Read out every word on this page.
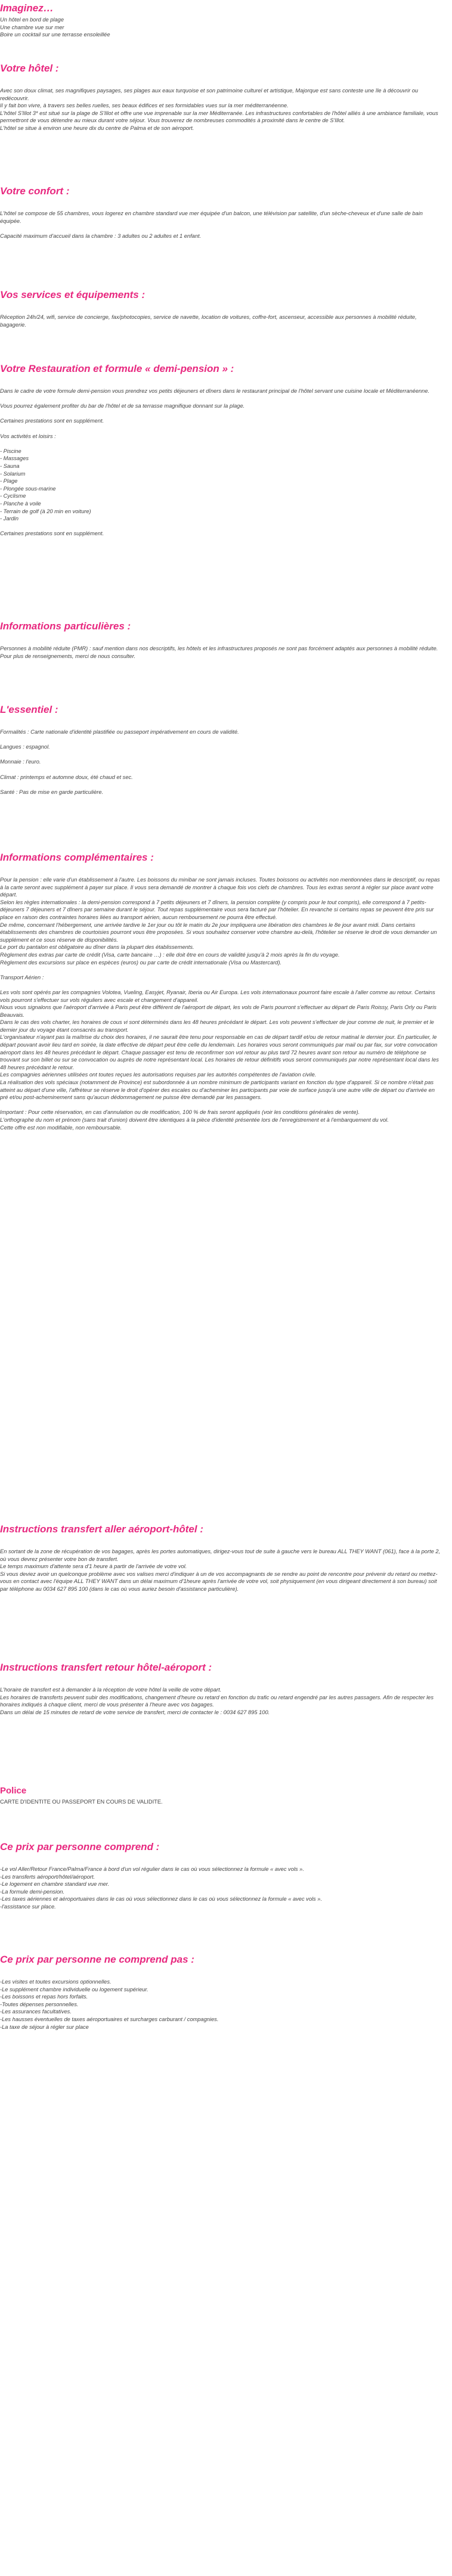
Imaginez…

Un hôtel en bord de plage

Une chambre vue sur mer

Boire un cocktail sur une terrasse ensoleillée

Votre hôtel :

Avec son doux climat, ses magnifiques paysages, ses plages aux eaux turquoise et son patrimoine culturel et artistique, Majorque est sans conteste une île à découvrir ou redécouvrir.

Il y fait bon vivre, à travers ses belles ruelles, ses beaux édifices et ses formidables vues sur la mer méditerranéenne.

L'hôtel S'Illot 3* est situé sur la plage de S'Illot et offre une vue imprenable sur la mer Méditerranée. Les infrastructures confortables de l'hôtel alliés à une ambiance familiale, vous permettront de vous détendre au mieux durant votre séjour. Vous trouverez de nombreuses commodités à proximité dans le centre de S'Illot.

L'hôtel se situe à environ une heure dix du centre de Palma et de son aéroport.

Votre confort :

L'hôtel se compose de 55 chambres, vous logerez en chambre standard vue mer équipée d'un balcon, une télévision par satellite, d'un sèche-cheveux et d'une salle de bain équipée.

Capacité maximum d'accueil dans la chambre : 3 adultes ou 2 adultes et 1 enfant.

Vos services et équipements :

Réception 24h/24, wifi, service de concierge, fax/photocopies, service de navette, location de voitures, coffre-fort, ascenseur, accessible aux personnes à mobilité réduite, bagagerie.

Votre Restauration et formule « demi-pension » :

Dans le cadre de votre formule demi-pension vous prendrez vos petits déjeuners et dîners dans le restaurant principal de l'hôtel servant une cuisine locale et Méditerranéenne.

Vous pourrez également profiter du bar de l'hôtel et de sa terrasse magnifique donnant sur la plage.

Certaines prestations sont en supplément.

Vos activités et loisirs :

- Piscine

- Massages

- Sauna

- Solarium

- Plage

- Plongée sous-marine

- Cyclisme

- Planche à voile

- Terrain de golf (à 20 min en voiture)

- Jardin

Certaines prestations sont en supplément.

Informations particulières :

Personnes à mobilité réduite (PMR) : sauf mention dans nos descriptifs, les hôtels et les infrastructures proposés ne sont pas forcément adaptés aux personnes à mobilité réduite.

Pour plus de renseignements, merci de nous consulter.

L'essentiel :

Formalités : Carte nationale d'identité plastifiée ou passeport impérativement en cours de validité.

Langues : espagnol.

Monnaie : l'euro.

Climat : printemps et automne doux, été chaud et sec.

Santé : Pas de mise en garde particulière.

Informations complémentaires :

Pour la pension : elle varie d'un établissement à l'autre. Les boissons du minibar ne sont jamais incluses. Toutes boissons ou activités non mentionnées dans le descriptif, ou repas à la carte seront avec supplément à payer sur place. Il vous sera demandé de montrer à chaque fois vos clefs de chambres. Tous les extras seront à régler sur place avant votre départ.

Selon les règles internationales : la demi-pension correspond à 7 petits déjeuners et 7 dîners, la pension complète (y compris pour le tout compris), elle correspond à 7 petits-déjeuners 7 déjeuners et 7 dîners par semaine durant le séjour. Tout repas supplémentaire vous sera facturé par l'hôtelier. En revanche si certains repas se peuvent être pris sur place en raison des contraintes horaires liées au transport aérien, aucun remboursement ne pourra être effectué.

De même, concernant l'hébergement, une arrivée tardive le 1er jour ou tôt le matin du 2e jour impliquera une libération des chambres le 8e jour avant midi. Dans certains établissements des chambres de courtoisies pourront vous être proposées. Si vous souhaitez conserver votre chambre au-delà, l'hôtelier se réserve le droit de vous demander un supplément et ce sous réserve de disponibilités.

Le port du pantalon est obligatoire au dîner dans la plupart des établissements.

Règlement des extras par carte de crédit (Visa, carte bancaire …) : elle doit être en cours de validité jusqu'à 2 mois après la fin du voyage.

Règlement des excursions sur place en espèces (euros) ou par carte de crédit internationale (Visa ou Mastercard).

Transport Aérien :

Les vols sont opérés par les compagnies Volotea, Vueling, Easyjet, Ryanair, Iberia ou Air Europa. Les vols internationaux pourront faire escale à l'aller comme au retour. Certains vols pourront s'effectuer sur vols réguliers avec escale et changement d'appareil.

Nous vous signalons que l'aéroport d'arrivée à Paris peut être différent de l'aéroport de départ, les vols de Paris pourront s'effectuer au départ de Paris Roissy, Paris Orly ou Paris Beauvais.

Dans le cas des vols charter, les horaires de cous vi sont déterminés dans les 48 heures précédant le départ. Les vols peuvent s'effectuer de jour comme de nuit, le premier et le dernier jour du voyage étant consacrés au transport.

L'organisateur n'ayant pas la maîtrise du choix des horaires, il ne saurait être tenu pour responsable en cas de départ tardif et/ou de retour matinal le dernier jour. En particulier, le départ pouvant avoir lieu tard en soirée, la date effective de départ peut être celle du lendemain. Les horaires vous seront communiqués par mail ou par fax, sur votre convocation aéroport dans les 48 heures précédant le départ. Chaque passager est tenu de reconfirmer son vol retour au plus tard 72 heures avant son retour au numéro de téléphone se trouvant sur son billet ou sur se convocation ou auprès de notre représentant local. Les horaires de retour définitifs vous seront communiqués par notre représentant local dans les 48 heures précédant le retour.

Les compagnies aériennes utilisées ont toutes reçues les autorisations requises par les autorités compétentes de l'aviation civile.

La réalisation des vols spéciaux (notamment de Province) est subordonnée à un nombre minimum de participants variant en fonction du type d'appareil. Si ce nombre n'était pas atteint au départ d'une ville, l'affréteur se réserve le droit d'opérer des escales ou d'acheminer les participants par voie de surface jusqu'à une autre ville de départ ou d'arrivée en pré et/ou post-acheminement sans qu'aucun dédommagement ne puisse être demandé par les passagers.

Important : Pour cette réservation, en cas d'annulation ou de modification, 100 % de frais seront appliqués (voir les conditions générales de vente).

L'orthographe du nom et prénom (sans trait d'union) doivent être identiques à la pièce d'identité présentée lors de l'enregistrement et à l'embarquement du vol.

Cette offre est non modifiable, non remboursable.

Instructions transfert aller aéroport-hôtel :

En sortant de la zone de récupération de vos bagages, après les portes automatiques, dirigez-vous tout de suite à gauche vers le bureau ALL THEY WANT (061), face à la porte 2, où vous devrez présenter votre bon de transfert.

Le temps maximum d'attente sera d'1 heure à partir de l'arrivée de votre vol.

Si vous deviez avoir un quelconque problème avec vos valises merci d'indiquer à un de vos accompagnants de se rendre au point de rencontre pour prévenir du retard ou mettez-vous en contact avec l'équipe ALL THEY WANT dans un délai maximum d'1heure après l'arrivée de votre vol, soit physiquement (en vous dirigeant directement à son bureau) soit par téléphone au 0034 627 895 100 (dans le cas où vous auriez besoin d'assistance particulière).

Instructions transfert retour hôtel-aéroport :

L'horaire de transfert est à demander à la réception de votre hôtel la veille de votre départ.

Les horaires de transferts peuvent subir des modifications, changement d'heure ou retard en fonction du trafic ou retard engendré par les autres passagers. Afin de respecter les horaires indiqués à chaque client, merci de vous présenter à l'heure avec vos bagages.

Dans un délai de 15 minutes de retard de votre service de transfert, merci de contacter le : 0034 627 895 100.

Police

CARTE D'IDENTITE OU PASSEPORT EN COURS DE VALIDITE.

Ce prix par personne comprend :

-Le vol Aller/Retour France/Palma/France à bord d'un vol régulier dans le cas où vous sélectionnez la formule « avec vols ».

-Les transferts aéroport/hôtel/aéroport.

-Le logement en chambre standard vue mer.

-La formule demi-pension.

-Les taxes aériennes et aéroportuaires dans le cas où vous sélectionnez dans le cas où vous sélectionnez la formule « avec vols ».

-l'assistance sur place.

Ce prix par personne ne comprend pas :

-Les visites et toutes excursions optionnelles.

-Le supplément chambre individuelle ou logement supérieur.

-Les boissons et repas hors forfaits.

-Toutes dépenses personnelles.

-Les assurances facultatives.

-Les hausses éventuelles de taxes aéroportuaires et surcharges carburant / compagnies.

-La taxe de séjour à régler sur place
